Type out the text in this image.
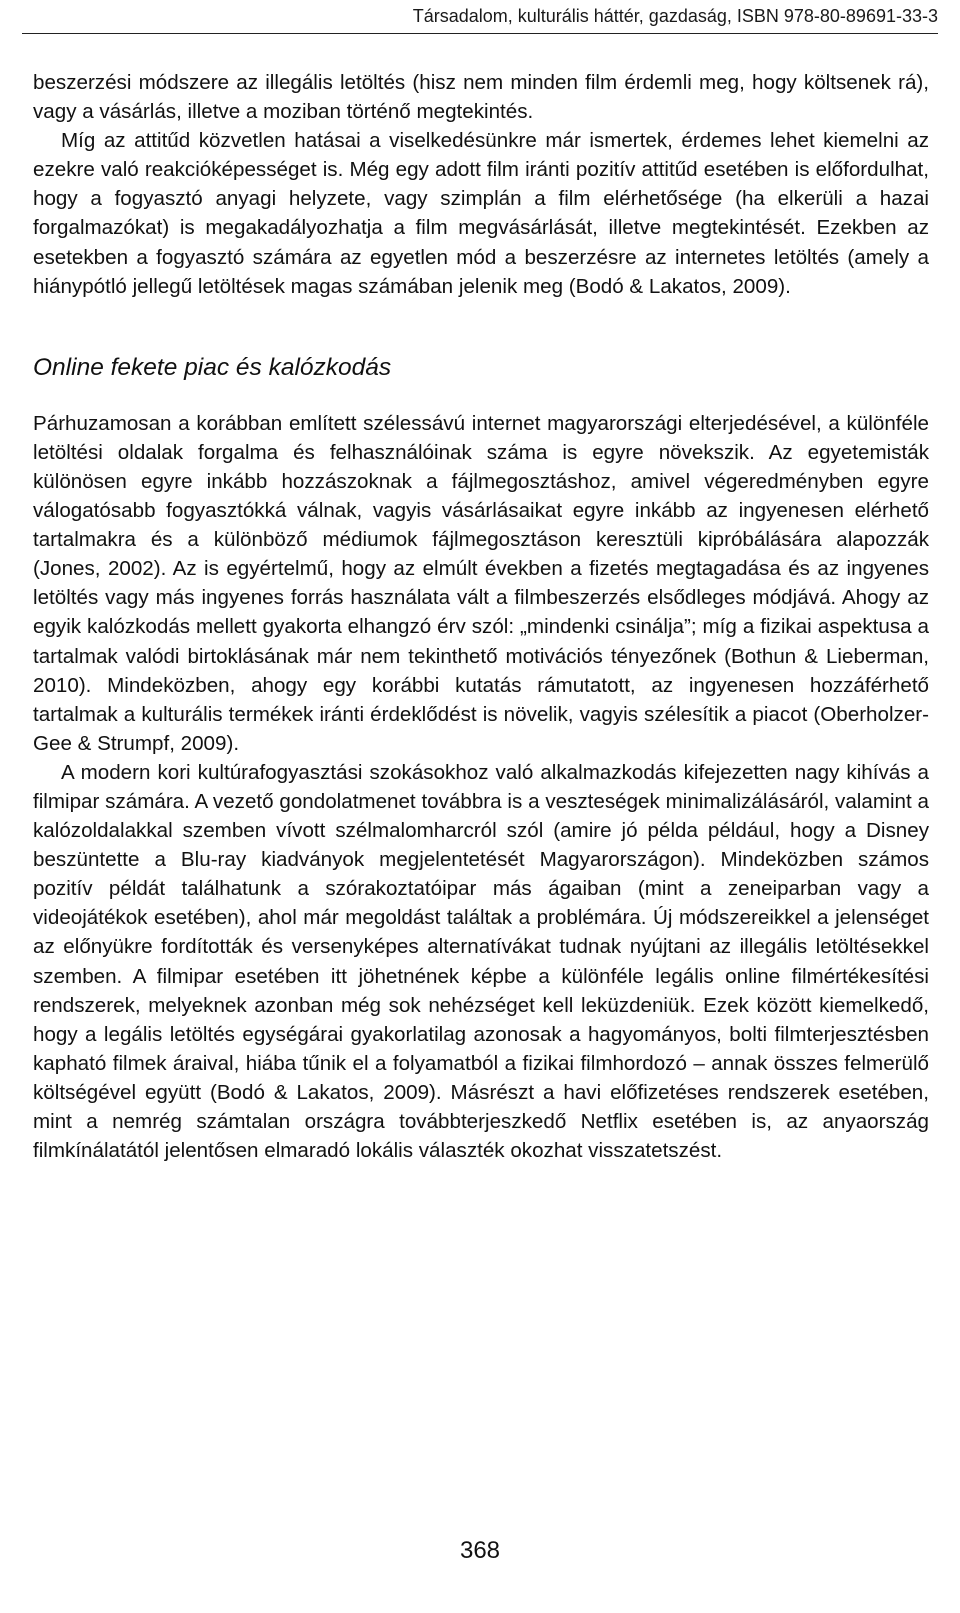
Társadalom, kulturális háttér, gazdaság, ISBN 978-80-89691-33-3

beszerzési módszere az illegális letöltés (hisz nem minden film érdemli meg, hogy költsenek rá), vagy a vásárlás, illetve a moziban történő megtekintés.

Míg az attitűd közvetlen hatásai a viselkedésünkre már ismertek, érdemes lehet kiemelni az ezekre való reakcióképességet is. Még egy adott film iránti pozitív attitűd esetében is előfordulhat, hogy a fogyasztó anyagi helyzete, vagy szimplán a film elérhetősége (ha elkerüli a hazai forgalmazókat) is megakadályozhatja a film megvásárlását, illetve megtekintését. Ezekben az esetekben a fogyasztó számára az egyetlen mód a beszerzésre az internetes letöltés (amely a hiánypótló jellegű letöltések magas számában jelenik meg (Bodó & Lakatos, 2009).

Online fekete piac és kalózkodás

Párhuzamosan a korábban említett szélessávú internet magyarországi elterjedésével, a különféle letöltési oldalak forgalma és felhasználóinak száma is egyre növekszik. Az egyetemisták különösen egyre inkább hozzászoknak a fájlmegosztáshoz, amivel végeredményben egyre válogatósabb fogyasztókká válnak, vagyis vásárlásaikat egyre inkább az ingyenesen elérhető tartalmakra és a különböző médiumok fájlmegosztáson keresztüli kipróbálására alapozzák (Jones, 2002). Az is egyértelmű, hogy az elmúlt években a fizetés megtagadása és az ingyenes letöltés vagy más ingyenes forrás használata vált a filmbeszerzés elsődleges módjává. Ahogy az egyik kalózkodás mellett gyakorta elhangzó érv szól: „mindenki csinálja”; míg a fizikai aspektusa a tartalmak valódi birtoklásának már nem tekinthető motivációs tényezőnek (Bothun & Lieberman, 2010). Mindeközben, ahogy egy korábbi kutatás rámutatott, az ingyenesen hozzáférhető tartalmak a kulturális termékek iránti érdeklődést is növelik, vagyis szélesítik a piacot (Oberholzer-Gee & Strumpf, 2009).

A modern kori kultúrafogyasztási szokásokhoz való alkalmazkodás kifejezetten nagy kihívás a filmipar számára. A vezető gondolatmenet továbbra is a veszteségek minimalizálásáról, valamint a kalózoldalakkal szemben vívott szélmalomharcról szól (amire jó példa például, hogy a Disney beszüntette a Blu-ray kiadványok megjelentetését Magyarországon). Mindeközben számos pozitív példát találhatunk a szórakoztatóipar más ágaiban (mint a zeneiparban vagy a videojátékok esetében), ahol már megoldást találtak a problémára. Új módszereikkel a jelenséget az előnyükre fordították és versenyképes alternatívákat tudnak nyújtani az illegális letöltésekkel szemben. A filmipar esetében itt jöhetnének képbe a különféle legális online filmértékesítési rendszerek, melyeknek azonban még sok nehézséget kell leküzdeniük. Ezek között kiemelkedő, hogy a legális letöltés egységárai gyakorlatilag azonosak a hagyományos, bolti filmterjesztésben kapható filmek áraival, hiába tűnik el a folyamatból a fizikai filmhordozó – annak összes felmerülő költségével együtt (Bodó & Lakatos, 2009). Másrészt a havi előfizetéses rendszerek esetében, mint a nemrég számtalan országra továbbterjeszkedő Netflix esetében is, az anyaország filmkínálatától jelentősen elmaradó lokális választék okozhat visszatetszést.

368
